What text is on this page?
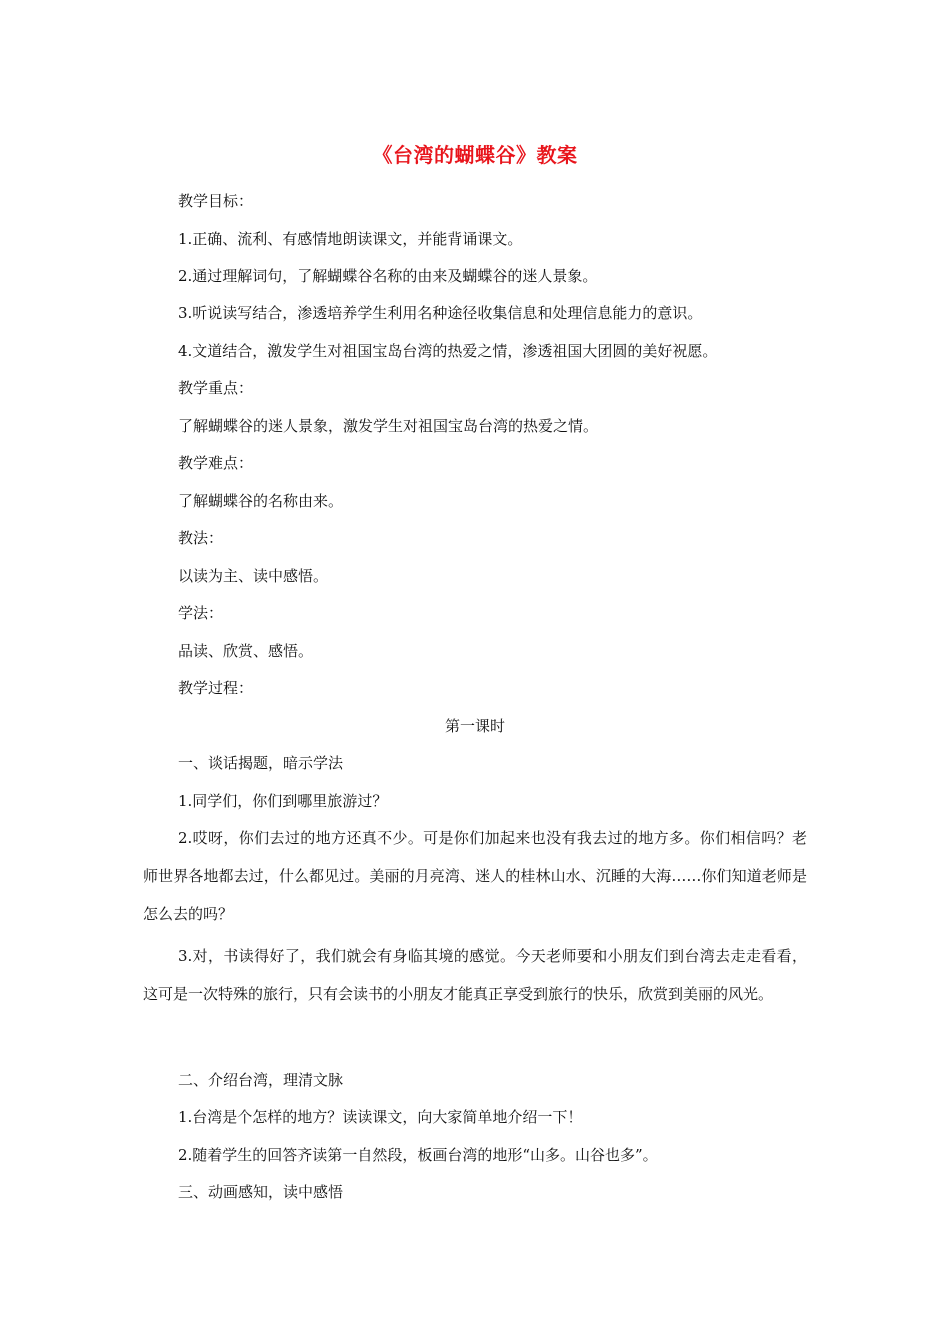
《台湾的蝴蝶谷》教案
教学目标：
1.正确、流利、有感情地朗读课文，并能背诵课文。
2.通过理解词句，了解蝴蝶谷名称的由来及蝴蝶谷的迷人景象。
3.听说读写结合，渗透培养学生利用名种途径收集信息和处理信息能力的意识。
4.文道结合，激发学生对祖国宝岛台湾的热爱之情，渗透祖国大团圆的美好祝愿。
教学重点：
了解蝴蝶谷的迷人景象，激发学生对祖国宝岛台湾的热爱之情。
教学难点：
了解蝴蝶谷的名称由来。
教法：
以读为主、读中感悟。
学法：
品读、欣赏、感悟。
教学过程：
第一课时
一、谈话揭题，暗示学法
1.同学们，你们到哪里旅游过？

2.哎呀，你们去过的地方还真不少。可是你们加起来也没有我去过的地方多。你们相信吗？老师世界各地都去过，什么都见过。美丽的月亮湾、迷人的桂林山水、沉睡的大海……你们知道老师是怎么去的吗？

3.对，书读得好了，我们就会有身临其境的感觉。今天老师要和小朋友们到台湾去走走看看，这可是一次特殊的旅行，只有会读书的小朋友才能真正享受到旅行的快乐，欣赏到美丽的风光。

二、介绍台湾，理清文脉
1.台湾是个怎样的地方？读读课文，向大家简单地介绍一下！
2.随着学生的回答齐读第一自然段，板画台湾的地形“山多。山谷也多”。
三、动画感知，读中感悟
